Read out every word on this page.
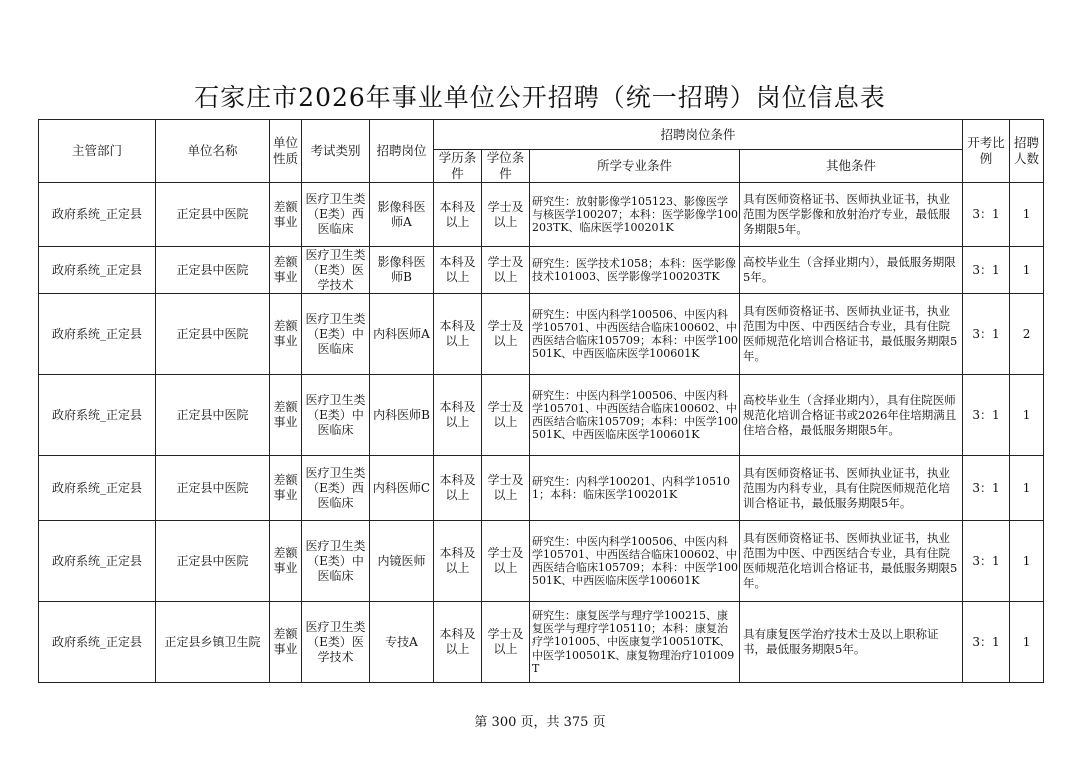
石家庄市2026年事业单位公开招聘（统一招聘）岗位信息表
主管部门	单位名称	单位性质	考试类别	招聘岗位	招聘岗位条件				开考比例	招聘人数
					学历条件	学位条件	所学专业条件	其他条件		
政府系统_正定县	正定县中医院	差额事业	医疗卫生类（E类）西医临床	影像科医师A	本科及以上	学士及以上	研究生：放射影像学105123、影像医学与核医学100207；本科：医学影像学100203TK、临床医学100201K	具有医师资格证书、医师执业证书，执业范围为医学影像和放射治疗专业，最低服务期限5年。	3：1	1
政府系统_正定县	正定县中医院	差额事业	医疗卫生类（E类）医学技术	影像科医师B	本科及以上	学士及以上	研究生：医学技术1058；本科：医学影像技术101003、医学影像学100203TK	高校毕业生（含择业期内），最低服务期限5年。	3：1	1
政府系统_正定县	正定县中医院	差额事业	医疗卫生类（E类）中医临床	内科医师A	本科及以上	学士及以上	研究生：中医内科学100506、中医内科学105701、中西医结合临床100602、中西医结合临床105709；本科：中医学100501K、中西医临床医学100601K	具有医师资格证书、医师执业证书，执业范围为中医、中西医结合专业，具有住院医师规范化培训合格证书，最低服务期限5年。	3：1	2
政府系统_正定县	正定县中医院	差额事业	医疗卫生类（E类）中医临床	内科医师B	本科及以上	学士及以上	研究生：中医内科学100506、中医内科学105701、中西医结合临床100602、中西医结合临床105709；本科：中医学100501K、中西医临床医学100601K	高校毕业生（含择业期内），具有住院医师规范化培训合格证书或2026年住培期满且住培合格，最低服务期限5年。	3：1	1
政府系统_正定县	正定县中医院	差额事业	医疗卫生类（E类）西医临床	内科医师C	本科及以上	学士及以上	研究生：内科学100201、内科学105101；本科：临床医学100201K	具有医师资格证书、医师执业证书，执业范围为内科专业，具有住院医师规范化培训合格证书，最低服务期限5年。	3：1	1
政府系统_正定县	正定县中医院	差额事业	医疗卫生类（E类）中医临床	内镜医师	本科及以上	学士及以上	研究生：中医内科学100506、中医内科学105701、中西医结合临床100602、中西医结合临床105709；本科：中医学100501K、中西医临床医学100601K	具有医师资格证书、医师执业证书，执业范围为中医、中西医结合专业，具有住院医师规范化培训合格证书，最低服务期限5年。	3：1	1
政府系统_正定县	正定县乡镇卫生院	差额事业	医疗卫生类（E类）医学技术	专技A	本科及以上	学士及以上	研究生：康复医学与理疗学100215、康复医学与理疗学105110；本科：康复治疗学101005、中医康复学100510TK、中医学100501K、康复物理治疗101009T	具有康复医学治疗技术士及以上职称证书，最低服务期限5年。	3：1	1
第 300 页，共 375 页
